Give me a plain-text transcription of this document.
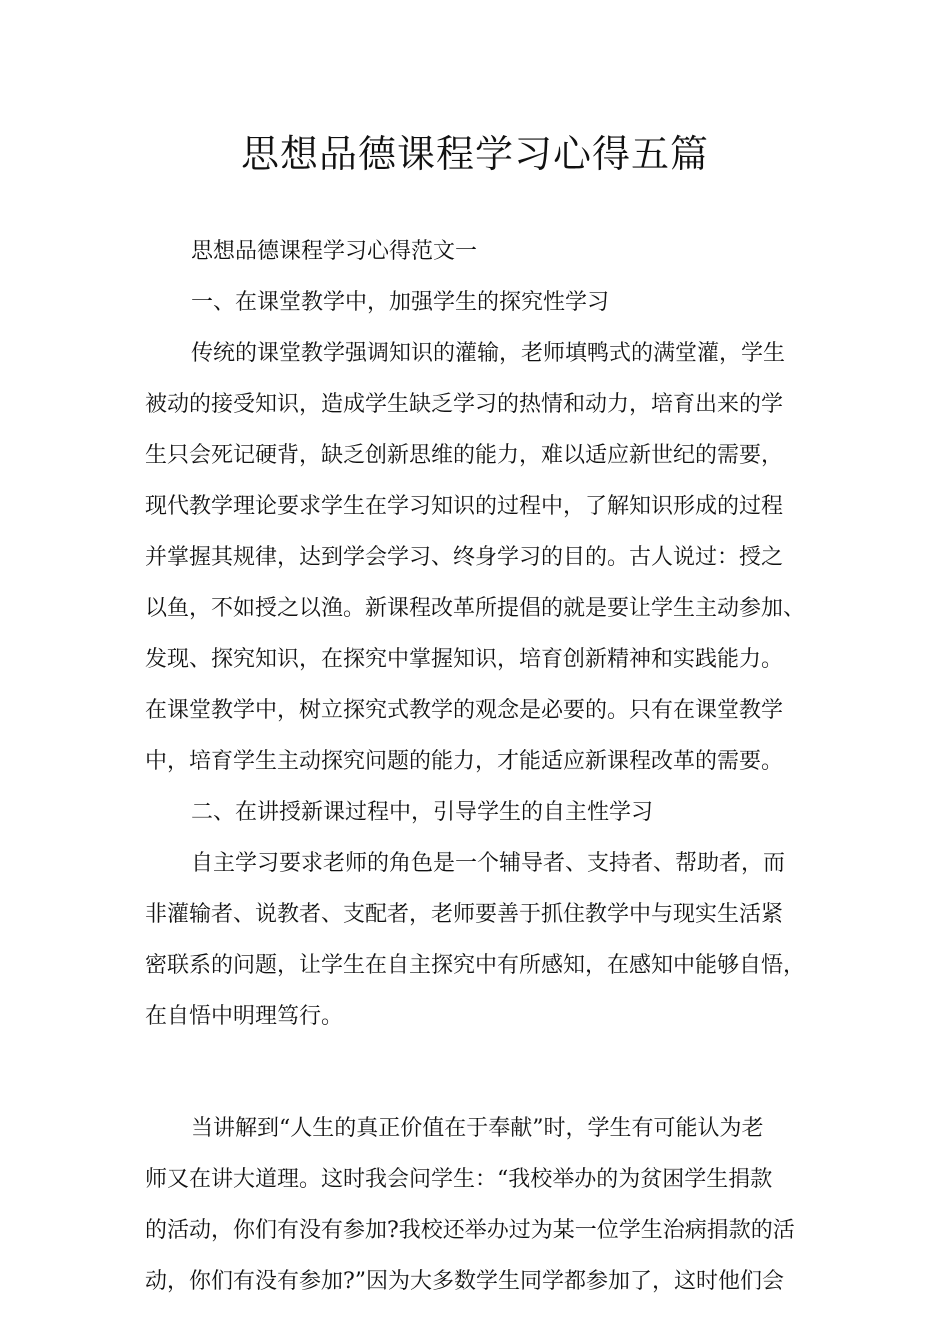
思想品德课程学习心得五篇
思想品德课程学习心得范文一
一、在课堂教学中，加强学生的探究性学习
传统的课堂教学强调知识的灌输，老师填鸭式的满堂灌，学生
被动的接受知识，造成学生缺乏学习的热情和动力，培育出来的学
生只会死记硬背，缺乏创新思维的能力，难以适应新世纪的需要，
现代教学理论要求学生在学习知识的过程中，了解知识形成的过程
并掌握其规律，达到学会学习、终身学习的目的。古人说过：授之
以鱼，不如授之以渔。新课程改革所提倡的就是要让学生主动参加、
发现、探究知识，在探究中掌握知识，培育创新精神和实践能力。
在课堂教学中，树立探究式教学的观念是必要的。只有在课堂教学
中，培育学生主动探究问题的能力，才能适应新课程改革的需要。
二、在讲授新课过程中，引导学生的自主性学习
自主学习要求老师的角色是一个辅导者、支持者、帮助者，而
非灌输者、说教者、支配者，老师要善于抓住教学中与现实生活紧
密联系的问题，让学生在自主探究中有所感知，在感知中能够自悟，
在自悟中明理笃行。
当讲解到“人生的真正价值在于奉献”时，学生有可能认为老
师又在讲大道理。这时我会问学生：“我校举办的为贫困学生捐款
的活动，你们有没有参加?我校还举办过为某一位学生治病捐款的活
动，你们有没有参加?”因为大多数学生同学都参加了，这时他们会
